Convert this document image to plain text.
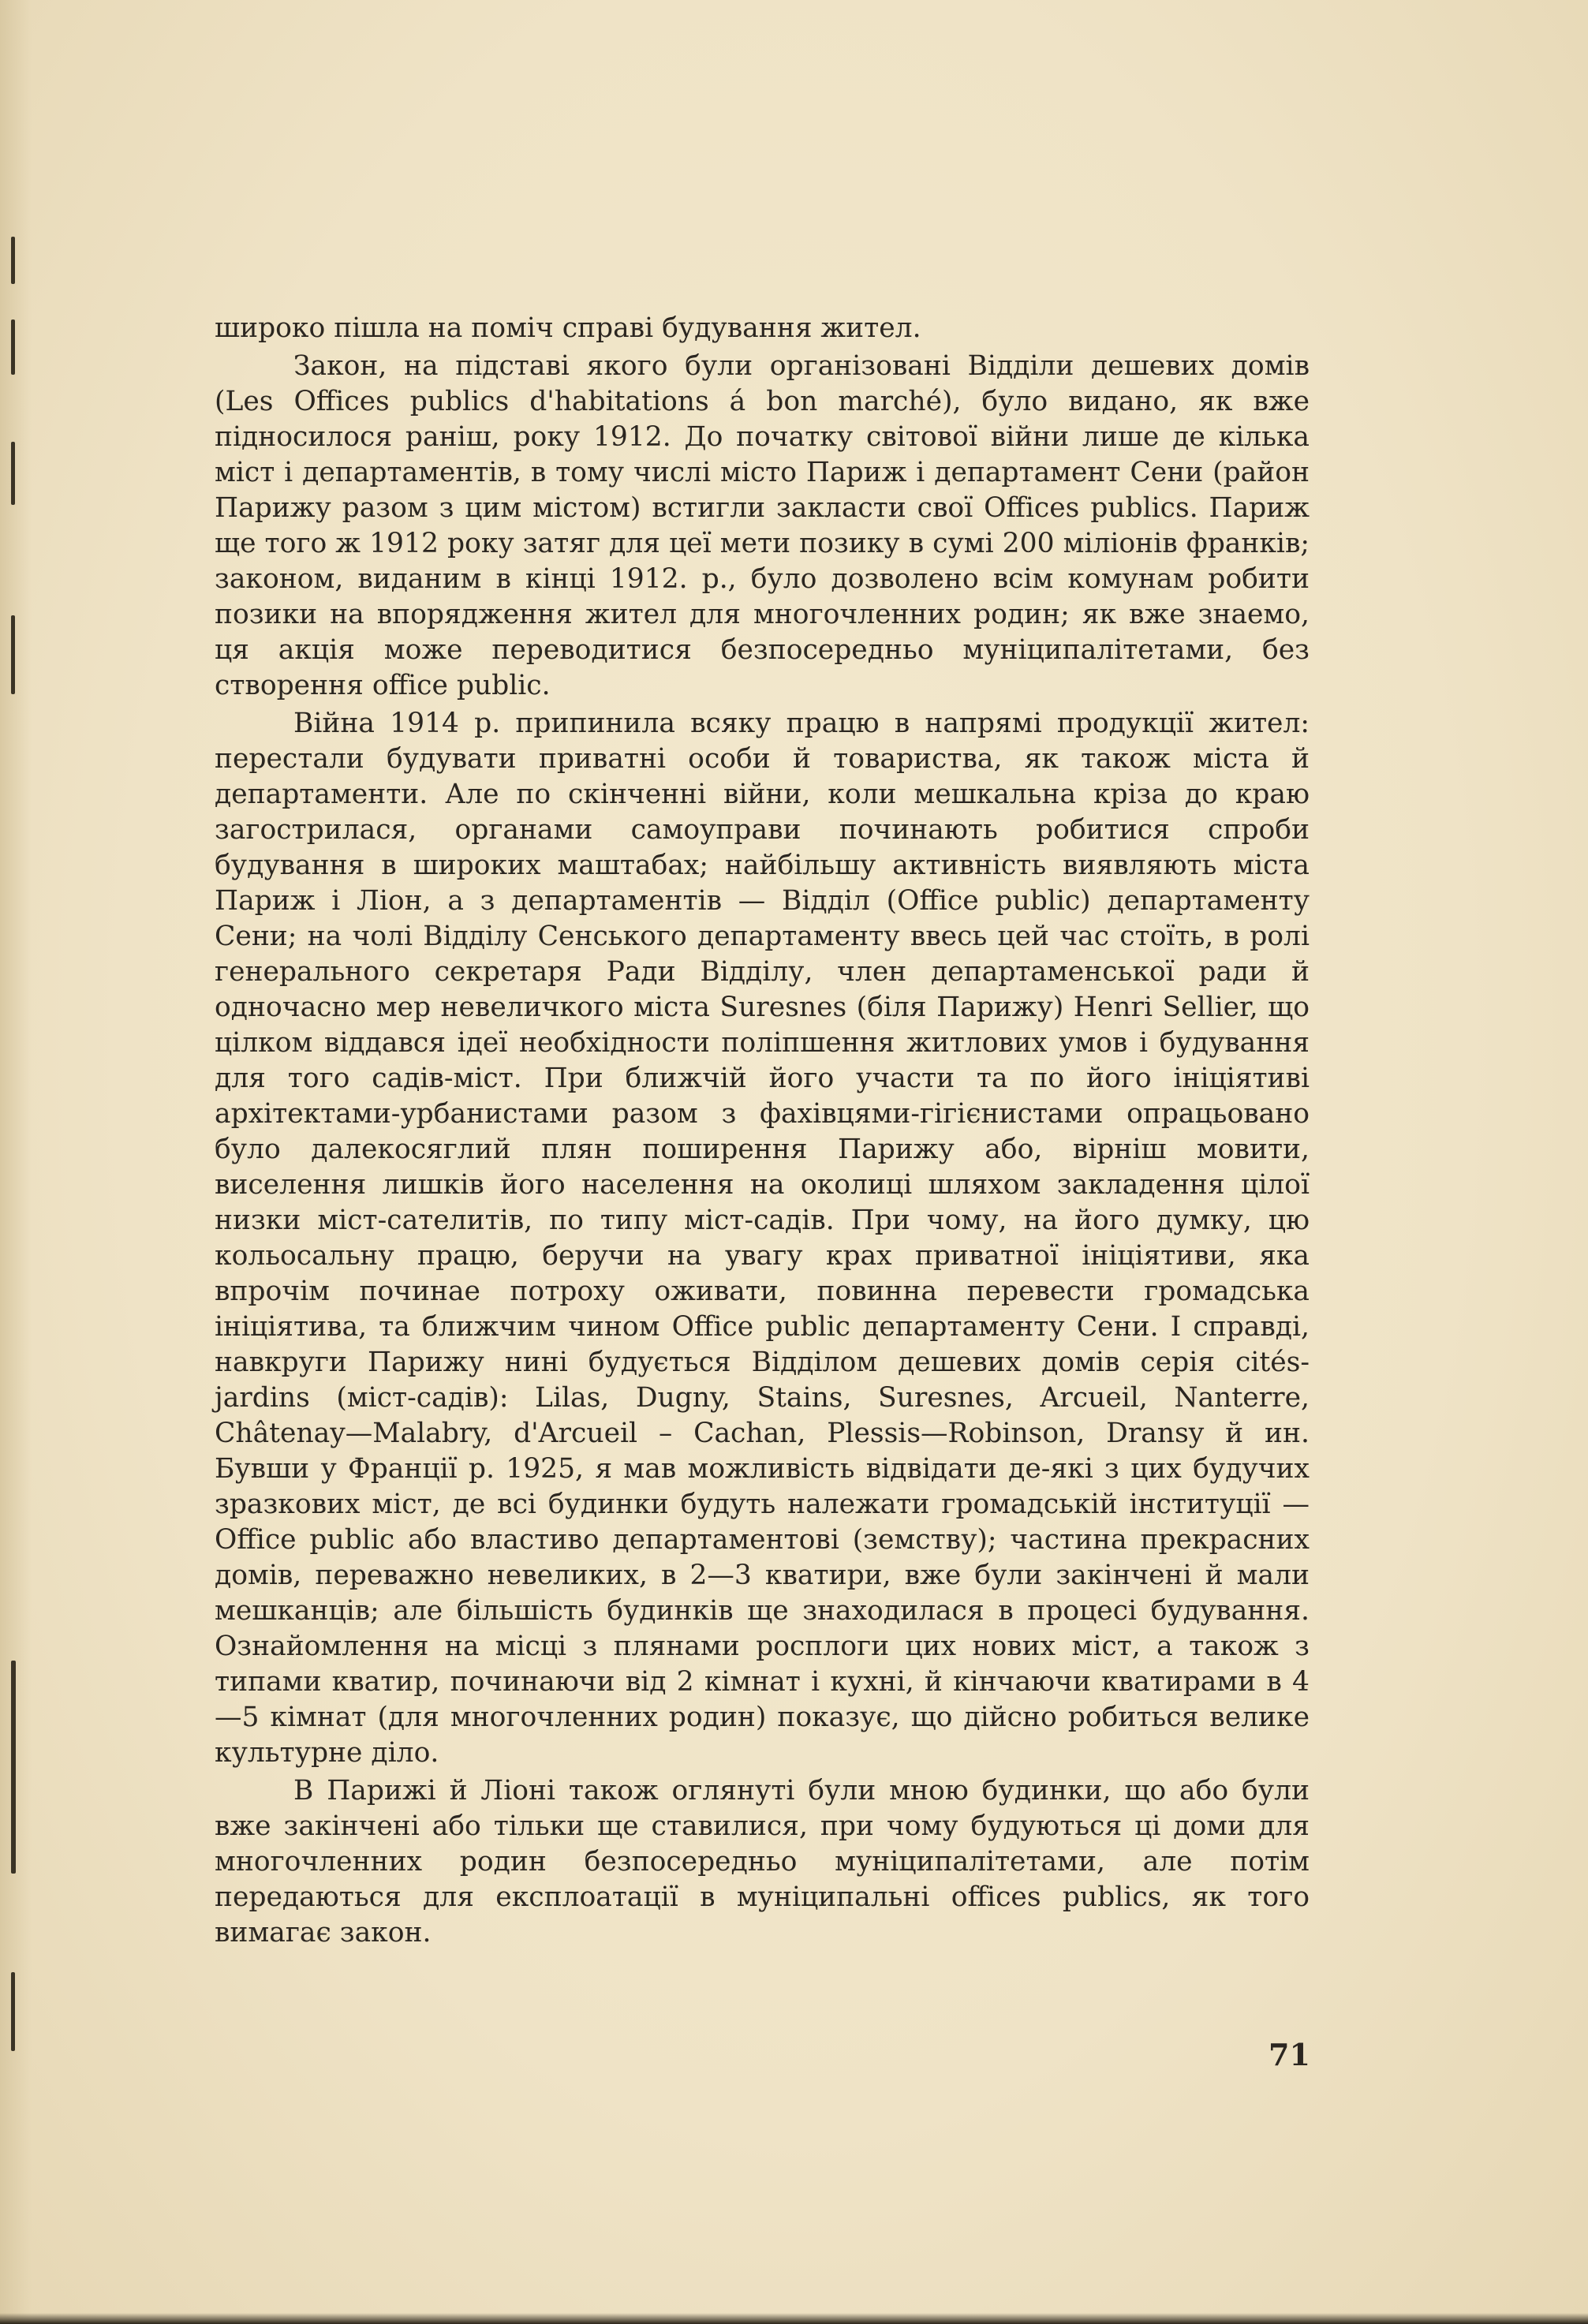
широко пішла на поміч справі будування жител.

Закон, на підставі якого були організовані Відділи дешевих домів (Les Offices publics d'habitations á bon marché), було видано, як вже підносилося раніш, року 1912. До початку світової війни лише де кілька міст і департаментів, в тому числі місто Париж і департамент Сени (район Парижу разом з цим містом) встигли закласти свої Offices publics. Париж ще того ж 1912 року затяг для цеї мети позику в сумі 200 міліонів франків; законом, виданим в кінці 1912. р., було дозволено всім комунам робити позики на впорядження жител для многочленних родин; як вже знаемо, ця акція може переводитися безпосередньо муніципалітетами, без створення office public.

Війна 1914 р. припинила всяку працю в напрямі продукції жител: перестали будувати приватні особи й товариства, як також міста й департаменти. Але по скінченні війни, коли мешкальна кріза до краю загострилася, органами самоуправи починають робитися спроби будування в широких маштабах; найбільшу активність виявляють міста Париж і Ліон, а з департаментів — Відділ (Office public) департаменту Сени; на чолі Відділу Сенського департаменту ввесь цей час стоїть, в ролі генерального секретаря Ради Відділу, член департаменської ради й одночасно мер невеличкого міста Suresnes (біля Парижу) Henri Sellier, що цілком віддався ідеї необхідности поліпшення житлових умов і будування для того садів-міст. При ближчій його участи та по його ініціятиві архітектами-урбанистами разом з фахівцями-гігієнистами опрацьовано було далекосяглий плян поширення Парижу або, вірніш мовити, виселення лишків його населення на околиці шляхом закладення цілої низки міст-сателитів, по типу міст-садів. При чому, на його думку, цю кольосальну працю, беручи на увагу крах приватної ініціятиви, яка впрочім починае потроху оживати, повинна перевести громадська ініціятива, та ближчим чином Office public департаменту Сени. І справді, навкруги Парижу нині будується Відділом дешевих домів серія cités-jardins (міст-садів): Lilas, Dugny, Stains, Suresnes, Arcueil, Nanterre, Châtenay—Malabry, d'Arcueil – Cachan, Plessis—Robinson, Dransy й ин. Бувши у Франції р. 1925, я мав можливість відвідати де-які з цих будучих зразкових міст, де всі будинки будуть належати громадській інституції — Office public або властиво департаментові (земству); частина прекрасних домів, переважно невеликих, в 2—3 кватири, вже були закінчені й мали мешканців; але більшість будинків ще знаходилася в процесі будування. Ознайомлення на місці з плянами росплоги цих нових міст, а також з типами кватир, починаючи від 2 кімнат і кухні, й кінчаючи кватирами в 4—5 кімнат (для многочленних родин) показує, що дійсно робиться велике культурне діло.

В Парижі й Ліоні також оглянуті були мною будинки, що або були вже закінчені або тільки ще ставилися, при чому будуються ці доми для многочленних родин безпосередньо муніципалітетами, але потім передаються для експлоатації в муніципальні offices publics, як того вимагає закон.

71
